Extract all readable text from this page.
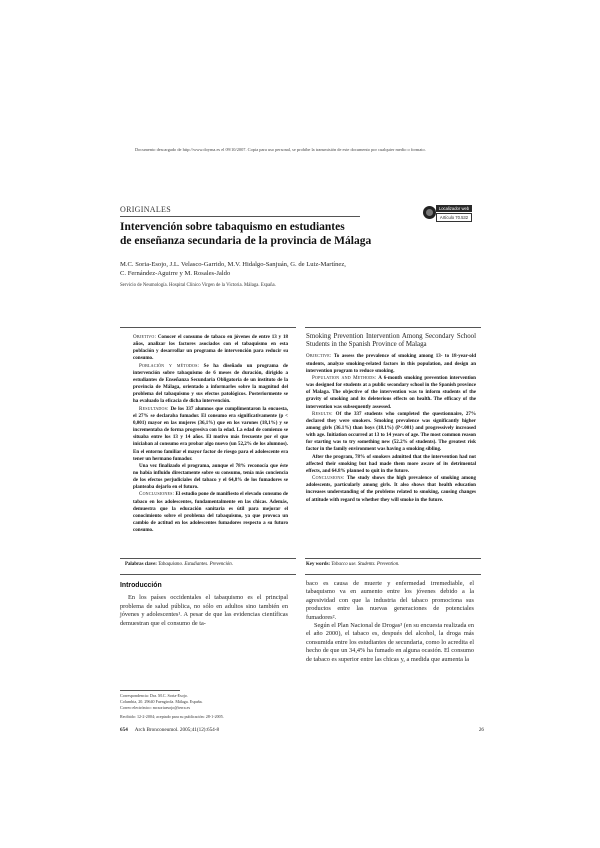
Documento descargado de http://www.doyma.es el 09/10/2007. Copia para uso personal, se prohíbe la transmisión de este documento por cualquier medio o formato.
ORIGINALES	Localizador web
Artículo 70.532
Intervención sobre tabaquismo en estudiantes
de enseñanza secundaria de la provincia de Málaga
M.C. Soria-Esojo, J.L. Velasco-Garrido, M.V. Hidalgo-Sanjuán, G. de Luiz-Martínez,
C. Fernández-Aguirre y M. Rosales-Jaldo
Servicio de Neumología. Hospital Clínico Virgen de la Victoria. Málaga. España.

Objetivo: Conocer el consumo de tabaco en jóvenes de entre 13 y 18 años, analizar los factores asociados con el tabaquismo en esta población y desarrollar un programa de intervención para reducir su consumo.

Población y métodos: Se ha diseñado un programa de intervención sobre tabaquismo de 6 meses de duración, dirigido a estudiantes de Enseñanza Secundaria Obligatoria de un instituto de la provincia de Málaga, orientado a informarles sobre la magnitud del problema del tabaquismo y sus efectos patológicos. Posteriormente se ha evaluado la eficacia de dicha intervención.

Resultados: De los 337 alumnos que cumplimentaron la encuesta, el 27% se declaraba fumador. El consumo era significativamente (p < 0,001) mayor en las mujeres (36,1%) que en los varones (18,1%) y se incrementaba de forma progresiva con la edad. La edad de comienzo se situaba entre los 13 y 14 años. El motivo más frecuente por el que iniciaban al consumo era probar algo nuevo (un 52,2% de los alumnos). En el entorno familiar el mayor factor de riesgo para el adolescente era tener un hermano fumador.

Una vez finalizado el programa, aunque el 78% reconocía que éste no había influido directamente sobre su consumo, tenía más conciencia de los efectos perjudiciales del tabaco y el 64,8% de los fumadores se planteaba dejarlo en el futuro.

Conclusiones: El estudio pone de manifiesto el elevado consumo de tabaco en los adolescentes, fundamentalmente en las chicas. Además, demuestra que la educación sanitaria es útil para mejorar el conocimiento sobre el problema del tabaquismo, ya que provoca un cambio de actitud en los adolescentes fumadores respecto a su futuro consumo.

Palabras clave: Tabaquismo. Estudiantes. Prevención.
Smoking Prevention Intervention Among Secondary School Students in the Spanish Province of Malaga

Objective: To assess the prevalence of smoking among 13- to 18-year-old students, analyze smoking-related factors in this population, and design an intervention program to reduce smoking.

Population and Methods: A 6-month smoking prevention intervention was designed for students at a public secondary school in the Spanish province of Malaga. The objective of the intervention was to inform students of the gravity of smoking and its deleterious effects on health. The efficacy of the intervention was subsequently assessed.

Results: Of the 337 students who completed the questionnaire, 27% declared they were smokers. Smoking prevalence was significantly higher among girls (36.1%) than boys (18.1%) (P<.001) and progressively increased with age. Initiation occurred at 13 to 14 years of age. The most common reason for starting was to try something new (52.2% of students). The greatest risk factor in the family environment was having a smoking sibling.

After the program, 78% of smokers admitted that the intervention had not affected their smoking but had made them more aware of its detrimental effects, and 64.8% planned to quit in the future.

Conclusions: The study shows the high prevalence of smoking among adolescents, particularly among girls. It also shows that health education increases understanding of the problems related to smoking, causing changes of attitude with regard to whether they will smoke in the future.

Key words: Tobacco use. Students. Prevention.
Introducción

En los países occidentales el tabaquismo es el principal problema de salud pública, no sólo en adultos sino también en jóvenes y adolescentes¹. A pesar de que las evidencias científicas demuestran que el consumo de ta-

baco es causa de muerte y enfermedad irremediable, el tabaquismo va en aumento entre los jóvenes debido a la agresividad con que la industria del tabaco promociona sus productos entre las nuevas generaciones de potenciales fumadores².

Según el Plan Nacional de Drogas³ (en su encuesta realizada en el año 2000), el tabaco es, después del alcohol, la droga más consumida entre los estudiantes de secundaria, como lo acredita el hecho de que un 34,4% ha fumado en alguna ocasión. El consumo de tabaco es superior entre las chicas y, a medida que aumenta la

Correspondencia: Dra. M.C. Soria-Esojo.
Columbia, 20. 29640 Fuengirola. Málaga. España.
Correo electrónico: mcsoriaesojo@terra.es
Recibido: 12-2-2004; aceptado para su publicación: 28-1-2005.
654 Arch Bronconeumol. 2005;41(12):654-8	26
